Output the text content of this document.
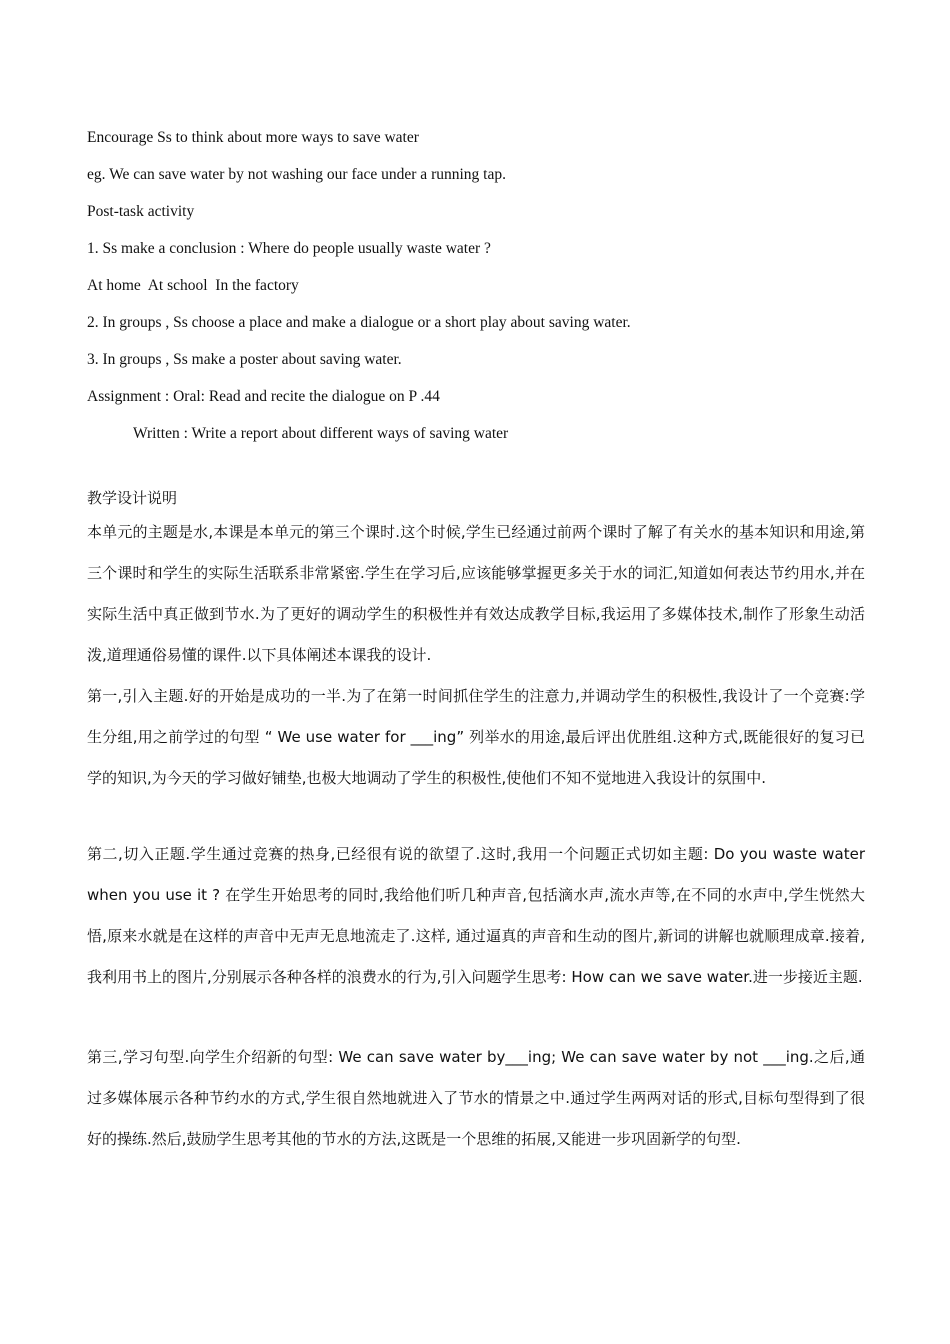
Encourage Ss to think about more ways to save water
eg. We can save water by not washing our face under a running tap.
Post-task activity
1. Ss make a conclusion : Where do people usually waste water ?
At home  At school  In the factory
2. In groups , Ss choose a place and make a dialogue or a short play about saving water.
3. In groups , Ss make a poster about saving water.
Assignment : Oral: Read and recite the dialogue on P .44
Written : Write a report about different ways of saving water
教学设计说明

本单元的主题是水,本课是本单元的第三个课时.这个时候,学生已经通过前两个课时了解了有关水的基本知识和用途,第三个课时和学生的实际生活联系非常紧密.学生在学习后,应该能够掌握更多关于水的词汇,知道如何表达节约用水,并在实际生活中真正做到节水.为了更好的调动学生的积极性并有效达成教学目标,我运用了多媒体技术,制作了形象生动活泼,道理通俗易懂的课件.以下具体阐述本课我的设计.

第一,引入主题.好的开始是成功的一半.为了在第一时间抓住学生的注意力,并调动学生的积极性,我设计了一个竞赛:学生分组,用之前学过的句型 “ We use water for ___ing” 列举水的用途,最后评出优胜组.这种方式,既能很好的复习已学的知识,为今天的学习做好铺垫,也极大地调动了学生的积极性,使他们不知不觉地进入我设计的氛围中.

第二,切入正题.学生通过竞赛的热身,已经很有说的欲望了.这时,我用一个问题正式切如主题: Do you waste water when you use it ? 在学生开始思考的同时,我给他们听几种声音,包括滴水声,流水声等,在不同的水声中,学生恍然大悟,原来水就是在这样的声音中无声无息地流走了.这样, 通过逼真的声音和生动的图片,新词的讲解也就顺理成章.接着,我利用书上的图片,分别展示各种各样的浪费水的行为,引入问题学生思考: How can we save water.进一步接近主题.

第三,学习句型.向学生介绍新的句型: We can save water by___ing; We can save water by not ___ing.之后,通过多媒体展示各种节约水的方式,学生很自然地就进入了节水的情景之中.通过学生两两对话的形式,目标句型得到了很好的操练.然后,鼓励学生思考其他的节水的方法,这既是一个思维的拓展,又能进一步巩固新学的句型.
